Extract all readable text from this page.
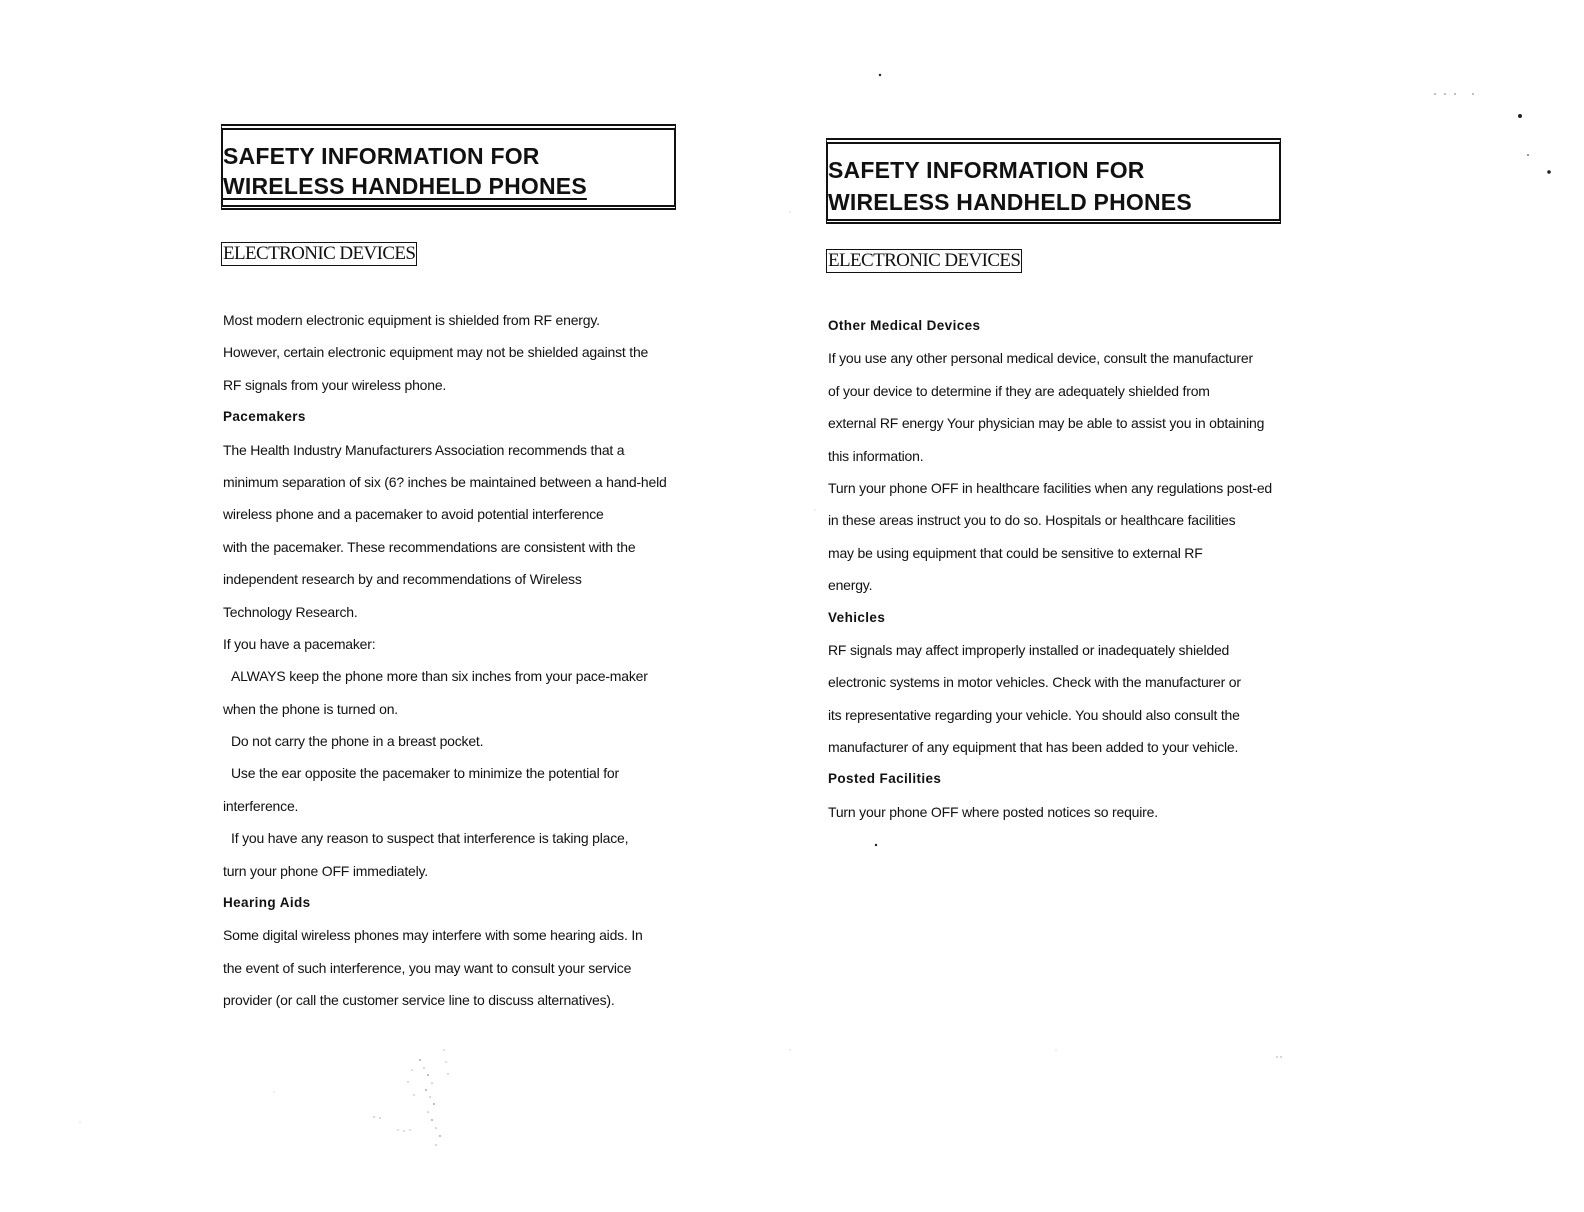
SAFETY INFORMATION FOR
WIRELESS HANDHELD PHONES
ELECTRONIC DEVICES
Most modern electronic equipment is shielded from RF energy.
However, certain electronic equipment may not be shielded against the
RF signals from your wireless phone.
Pacemakers
The Health Industry Manufacturers Association recommends that a
minimum separation of six (6? inches be maintained between a hand-held
wireless phone and a pacemaker to avoid potential interference
with the pacemaker. These recommendations are consistent with the
independent research by and recommendations of Wireless
Technology Research.
If you have a pacemaker:
ALWAYS keep the phone more than six inches from your pace-maker
when the phone is turned on.
Do not carry the phone in a breast pocket.
Use the ear opposite the pacemaker to minimize the potential for
interference.
If you have any reason to suspect that interference is taking place,
turn your phone OFF immediately.
Hearing Aids
Some digital wireless phones may interfere with some hearing aids. In
the event of such interference, you may want to consult your service
provider (or call the customer service line to discuss alternatives).
SAFETY INFORMATION FOR
WIRELESS HANDHELD PHONES
ELECTRONIC DEVICES
Other Medical Devices
If you use any other personal medical device, consult the manufacturer
of your device to determine if they are adequately shielded from
external RF energy Your physician may be able to assist you in obtaining
this information.
Turn your phone OFF in healthcare facilities when any regulations post-ed
in these areas instruct you to do so. Hospitals or healthcare facilities
may be using equipment that could be sensitive to external RF
energy.
Vehicles
RF signals may affect improperly installed or inadequately shielded
electronic systems in motor vehicles. Check with the manufacturer or
its representative regarding your vehicle. You should also consult the
manufacturer of any equipment that has been added to your vehicle.
Posted Facilities
Turn your phone OFF where posted notices so require.
